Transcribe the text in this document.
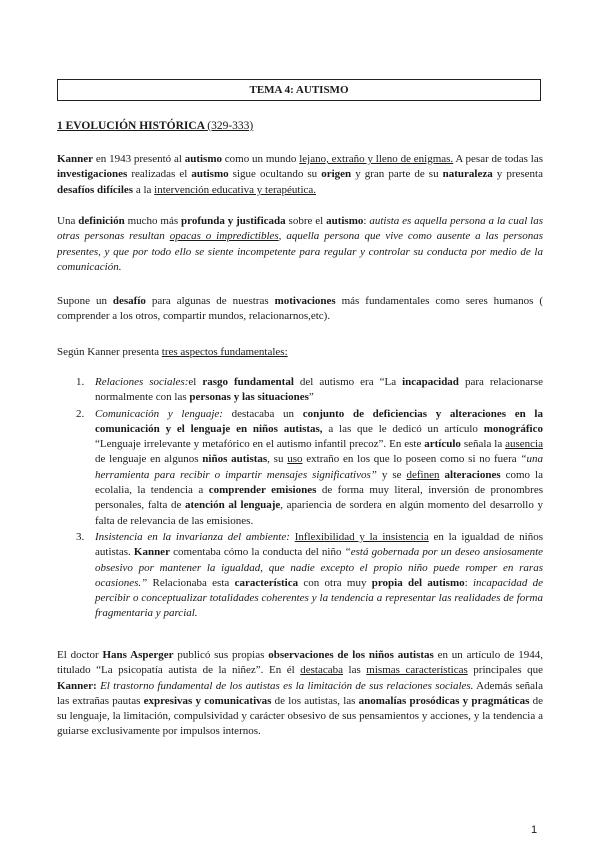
TEMA 4: AUTISMO
1 EVOLUCIÓN HISTÓRICA (329-333)
Kanner en 1943 presentó al autismo como un mundo lejano, extraño y lleno de enigmas. A pesar de todas las investigaciones realizadas el autismo sigue ocultando su origen y gran parte de su naturaleza y presenta desafíos difíciles a la intervención educativa y terapéutica.
Una definición mucho más profunda y justificada sobre el autismo: autista es aquella persona a la cual las otras personas resultan opacas o impredictibles, aquella persona que vive como ausente a las personas presentes, y que por todo ello se siente incompetente para regular y controlar su conducta por medio de la comunicación.
Supone un desafío para algunas de nuestras motivaciones más fundamentales como seres humanos ( comprender a los otros, compartir mundos, relacionarnos,etc).
Según Kanner presenta tres aspectos fundamentales:
1. Relaciones sociales:el rasgo fundamental del autismo era “La incapacidad para relacionarse normalmente con las personas y las situaciones”
2. Comunicación y lenguaje: destacaba un conjunto de deficiencias y alteraciones en la comunicación y el lenguaje en niños autistas, a las que le dedicó un artículo monográfico “Lenguaje irrelevante y metafórico en el autismo infantil precoz”. En este artículo señala la ausencia de lenguaje en algunos niños autistas, su uso extraño en los que lo poseen como si no fuera “una herramienta para recibir o impartir mensajes significativos” y se definen alteraciones como la ecolalia, la tendencia a comprender emisiones de forma muy literal, inversión de pronombres personales, falta de atención al lenguaje, apariencia de sordera en algún momento del desarrollo y falta de relevancia de las emisiones.
3. Insistencia en la invarianza del ambiente: Inflexibilidad y la insistencia en la igualdad de niños autistas. Kanner comentaba cómo la conducta del niño “está gobernada por un deseo ansiosamente obsesivo por mantener la igualdad, que nadie excepto el propio niño puede romper en raras ocasiones.” Relacionaba esta característica con otra muy propia del autismo: incapacidad de percibir o conceptualizar totalidades coherentes y la tendencia a representar las realidades de forma fragmentaria y parcial.
El doctor Hans Asperger publicó sus propias observaciones de los niños autistas en un artículo de 1944, titulado “La psicopatía autista de la niñez”. En él destacaba las mismas características principales que Kanner: El trastorno fundamental de los autistas es la limitación de sus relaciones sociales. Además señala las extrañas pautas expresivas y comunicativas de los autistas, las anomalías prosódicas y pragmáticas de su lenguaje, la limitación, compulsividad y carácter obsesivo de sus pensamientos y acciones, y la tendencia a guiarse exclusivamente por impulsos internos.
1
